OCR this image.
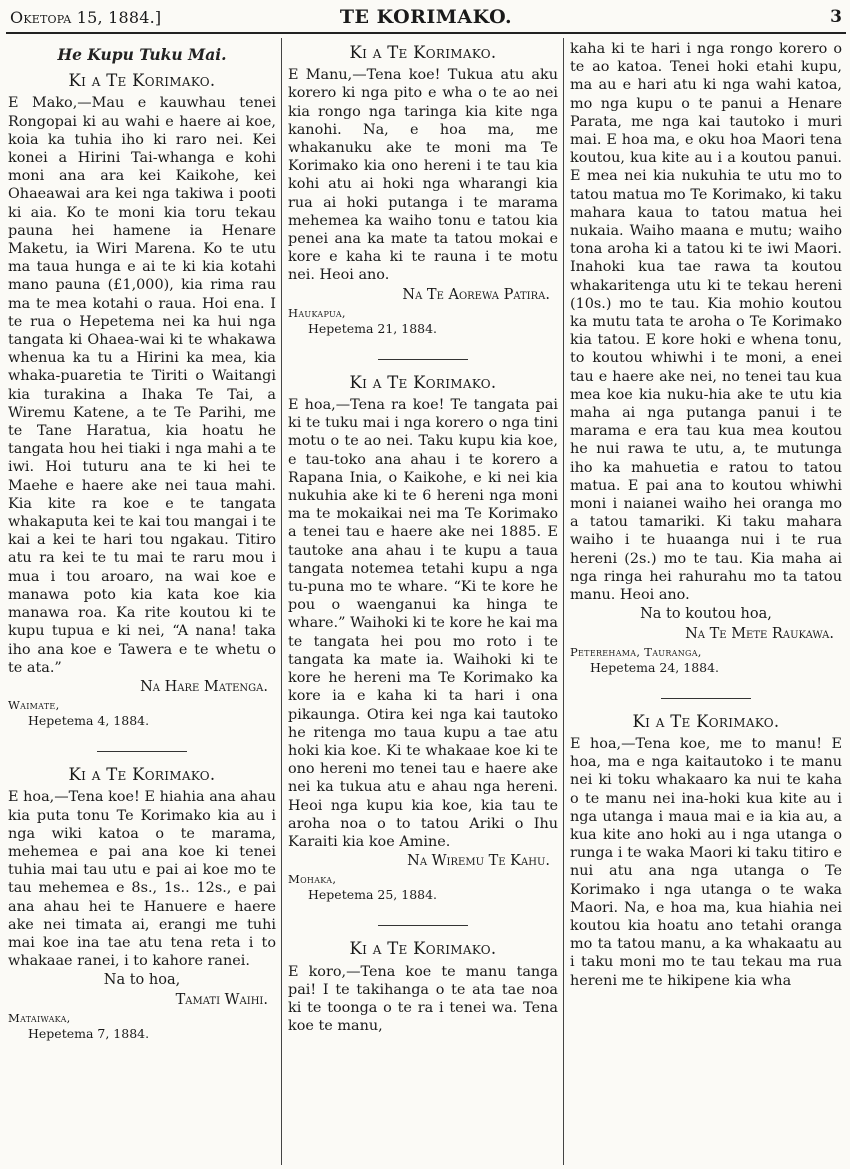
Oketopa 15, 1884.]	TE KORIMAKO.	3
He Kupu Tuku Mai.
Ki a Te Korimako.

E Mako,—Mau e kauwhau tenei Rongopai ki au wahi e haere ai koe, koia ka tuhia iho ki raro nei. Kei konei a Hirini Tai-whanga e kohi moni ana ara kei Kaikohe, kei Ohaeawai ara kei nga takiwa i pooti ki aia. Ko te moni kia toru tekau pauna hei hamene ia Henare Maketu, ia Wiri Marena. Ko te utu ma taua hunga e ai te ki kia kotahi mano pauna (£1,000), kia rima rau ma te mea kotahi o raua. Hoi ena. I te rua o Hepetema nei ka hui nga tangata ki Ohaea-wai ki te whakawa whenua ka tu a Hirini ka mea, kia whaka-puaretia te Tiriti o Waitangi kia turakina a Ihaka Te Tai, a Wiremu Katene, a te Te Parihi, me te Tane Haratua, kia hoatu he tangata hou hei tiaki i nga mahi a te iwi. Hoi tuturu ana te ki hei te Maehe e haere ake nei taua mahi. Kia kite ra koe e te tangata whakaputa kei te kai tou mangai i te kai a kei te hari tou ngakau. Titiro atu ra kei te tu mai te raru mou i mua i tou aroaro, na wai koe e manawa poto kia kata koe kia manawa roa. Ka rite koutou ki te kupu tupua e ki nei, “A nana! taka iho ana koe e Tawera e te whetu o te ata.”

Na Hare Matenga.
Waimate,
Hepetema 4, 1884.
Ki a Te Korimako.

E hoa,—Tena koe! E hiahia ana ahau kia puta tonu Te Korimako kia au i nga wiki katoa o te marama, mehemea e pai ana koe ki tenei tuhia mai tau utu e pai ai koe mo te tau mehemea e 8s., 1s.. 12s., e pai ana ahau hei te Hanuere e haere ake nei timata ai, erangi me tuhi mai koe ina tae atu tena reta i to whakaae ranei, i to kahore ranei.

Na to hoa,
Tamati Waihi.
Mataiwaka,
Hepetema 7, 1884.
Ki a Te Korimako.

E Manu,—Tena koe! Tukua atu aku korero ki nga pito e wha o te ao nei kia rongo nga taringa kia kite nga kanohi. Na, e hoa ma, me whakanuku ake te moni ma Te Korimako kia ono hereni i te tau kia kohi atu ai hoki nga wharangi kia rua ai hoki putanga i te marama mehemea ka waiho tonu e tatou kia penei ana ka mate ta tatou mokai e kore e kaha ki te rauna i te motu nei. Heoi ano.

Na Te Aorewa Patira.
Haukapua,
Hepetema 21, 1884.
Ki a Te Korimako.

E hoa,—Tena ra koe! Te tangata pai ki te tuku mai i nga korero o nga tini motu o te ao nei. Taku kupu kia koe, e tau-toko ana ahau i te korero a Rapana Inia, o Kaikohe, e ki nei kia nukuhia ake ki te 6 hereni nga moni ma te mokaikai nei ma Te Korimako a tenei tau e haere ake nei 1885. E tautoke ana ahau i te kupu a taua tangata notemea tetahi kupu a nga tu-puna mo te whare. “Ki te kore he pou o waenganui ka hinga te whare.” Waihoki ki te kore he kai ma te tangata hei pou mo roto i te tangata ka mate ia. Waihoki ki te kore he hereni ma Te Korimako ka kore ia e kaha ki ta hari i ona pikaunga. Otira kei nga kai tautoko he ritenga mo taua kupu a tae atu hoki kia koe. Ki te whakaae koe ki te ono hereni mo tenei tau e haere ake nei ka tukua atu e ahau nga hereni. Heoi nga kupu kia koe, kia tau te aroha noa o to tatou Ariki o Ihu Karaiti kia koe Amine.

Na Wiremu Te Kahu.
Mohaka,
Hepetema 25, 1884.
Ki a Te Korimako.

E koro,—Tena koe te manu tanga pai! I te takihanga o te ata tae noa ki te toonga o te ra i tenei wa. Tena koe te manu,

kaha ki te hari i nga rongo korero o te ao katoa. Tenei hoki etahi kupu, ma au e hari atu ki nga wahi katoa, mo nga kupu o te panui a Henare Parata, me nga kai tautoko i muri mai. E hoa ma, e oku hoa Maori tena koutou, kua kite au i a koutou panui. E mea nei kia nukuhia te utu mo to tatou matua mo Te Korimako, ki taku mahara kaua to tatou matua hei nukaia. Waiho maana e mutu; waiho tona aroha ki a tatou ki te iwi Maori. Inahoki kua tae rawa ta koutou whakaritenga utu ki te tekau hereni (10s.) mo te tau. Kia mohio koutou ka mutu tata te aroha o Te Korimako kia tatou. E kore hoki e whena tonu, to koutou whiwhi i te moni, a enei tau e haere ake nei, no tenei tau kua mea koe kia nuku-hia ake te utu kia maha ai nga putanga panui i te marama e era tau kua mea koutou he nui rawa te utu, a, te mutunga iho ka mahuetia e ratou to tatou matua. E pai ana to koutou whiwhi moni i naianei waiho hei oranga mo a tatou tamariki. Ki taku mahara waiho i te huaanga nui i te rua hereni (2s.) mo te tau. Kia maha ai nga ringa hei rahurahu mo ta tatou manu. Heoi ano.

Na to koutou hoa,
Na Te Mete Raukawa.
Peterehama, Tauranga,
Hepetema 24, 1884.
Ki a Te Korimako.

E hoa,—Tena koe, me to manu! E hoa, ma e nga kaitautoko i te manu nei ki toku whakaaro ka nui te kaha o te manu nei ina-hoki kua kite au i nga utanga i maua mai e ia kia au, a kua kite ano hoki au i nga utanga o runga i te waka Maori ki taku titiro e nui atu ana nga utanga o Te Korimako i nga utanga o te waka Maori. Na, e hoa ma, kua hiahia nei koutou kia hoatu ano tetahi oranga mo ta tatou manu, a ka whakaatu au i taku moni mo te tau tekau ma rua hereni me te hikipene kia wha
